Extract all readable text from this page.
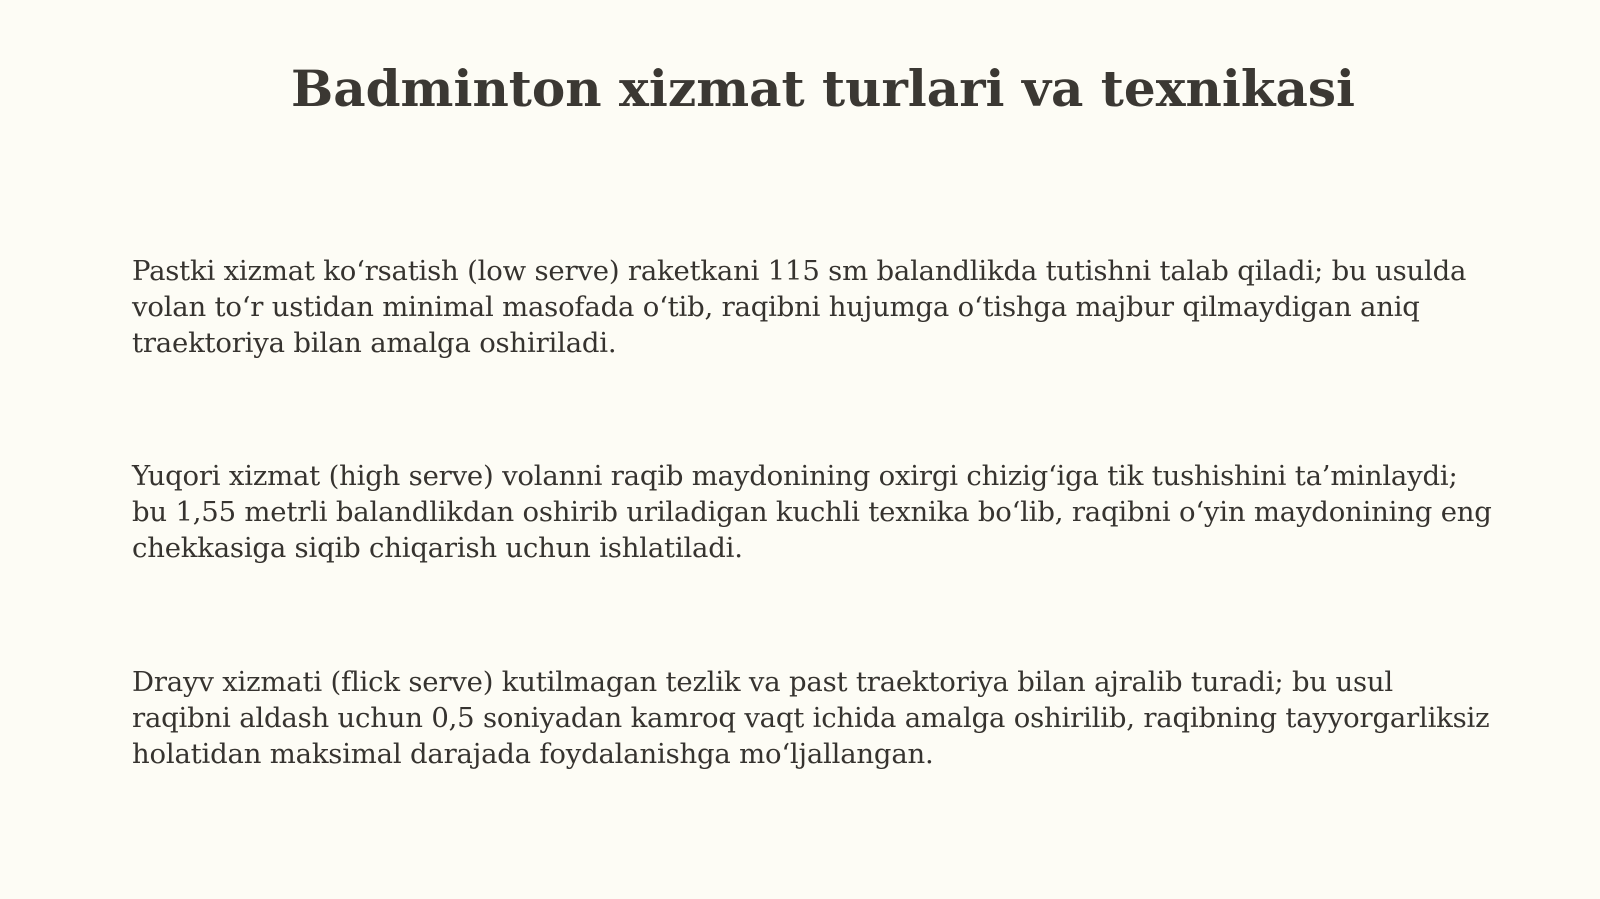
Badminton xizmat turlari va texnikasi

Pastki xizmat ko‘rsatish (low serve) raketkani 115 sm balandlikda tutishni talab qiladi; bu usulda volan to‘r ustidan minimal masofada o‘tib, raqibni hujumga o‘tishga majbur qilmaydigan aniq traektoriya bilan amalga oshiriladi.

Yuqori xizmat (high serve) volanni raqib maydonining oxirgi chizig‘iga tik tushishini ta’minlaydi; bu 1,55 metrli balandlikdan oshirib uriladigan kuchli texnika bo‘lib, raqibni o‘yin maydonining eng chekkasiga siqib chiqarish uchun ishlatiladi.

Drayv xizmati (flick serve) kutilmagan tezlik va past traektoriya bilan ajralib turadi; bu usul raqibni aldash uchun 0,5 soniyadan kamroq vaqt ichida amalga oshirilib, raqibning tayyorgarliksiz holatidan maksimal darajada foydalanishga mo‘ljallangan.
